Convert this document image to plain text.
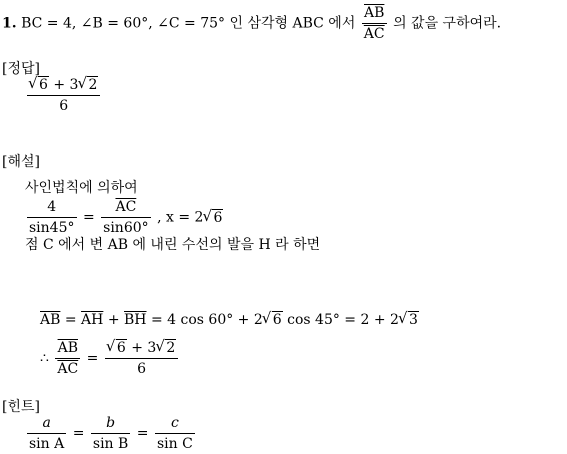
1. BC = 4, ∠B = 60°, ∠C = 75° 인 삼각형 ABC 에서 $\frac{\overline{AB}}{AC}$ 의 값을 구하여라.
[정답]
√ $\frac{6 + 3 √ 2}{6}$
[해설]
사인법칙에 의하여
$\frac{4}{\sin 45^\circ} = \frac{\overline{AC}}{\sin 60^\circ}$ , x = 2 √ 6
점 C 에서 변 AB 에 내린 수선의 발을 H 라 하면
$\overline{AB} = \overline{AH} + \overline{BH} = 4$ cos 60° + 2 √ 6 cos 45° = 2 + 2 √ 3
∴ $\frac{\overline{AB}}{AC}$ = √ $\frac{6 + 3 √ 2}{6}$
[힌트]
$\frac{a}{\text{sin A}} = \frac{b}{\text{sin B}} = \frac{c}{\text{sin C}}$
